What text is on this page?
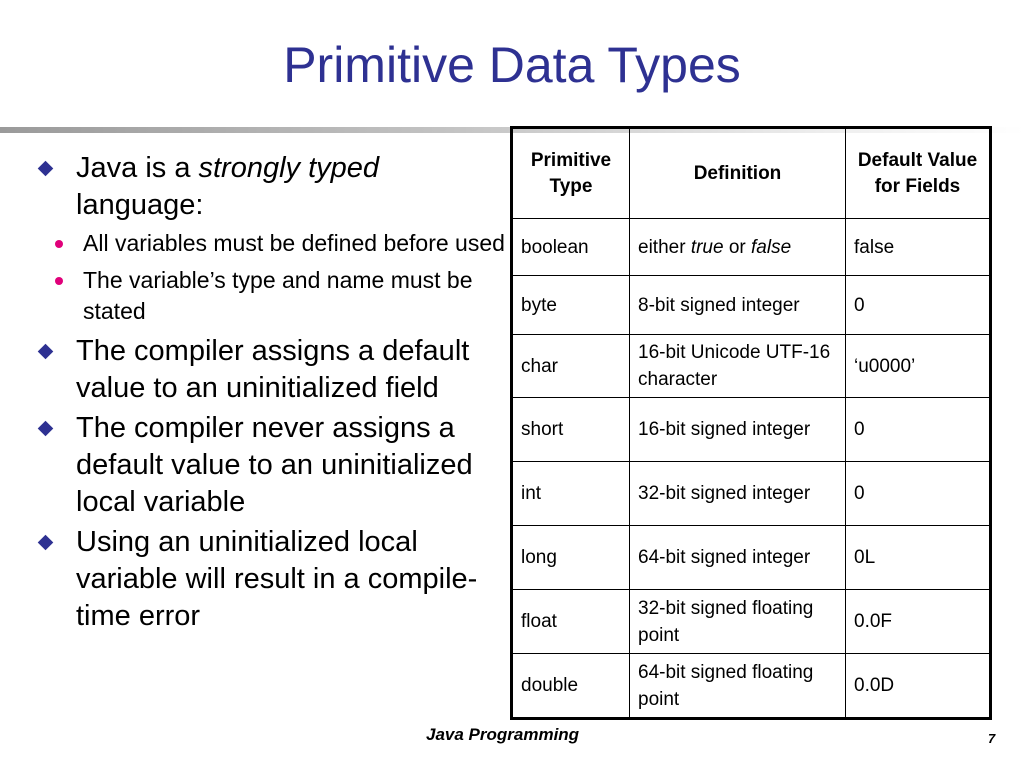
Primitive Data Types
Java is a strongly typed language:
All variables must be defined before used
The variable’s type and name must be stated
The compiler assigns a default value to an uninitialized field
The compiler never assigns a default value to an uninitialized local variable
Using an uninitialized local variable will result in a compile-time error
Primitive Type	Definition	Default Value for Fields
boolean	either true or false	false
byte	8-bit signed integer	0
char	16-bit Unicode UTF-16 character	‘u0000’
short	16-bit signed integer	0
int	32-bit signed integer	0
long	64-bit signed integer	0L
float	32-bit signed floating point	0.0F
double	64-bit signed floating point	0.0D
Java Programming	7
